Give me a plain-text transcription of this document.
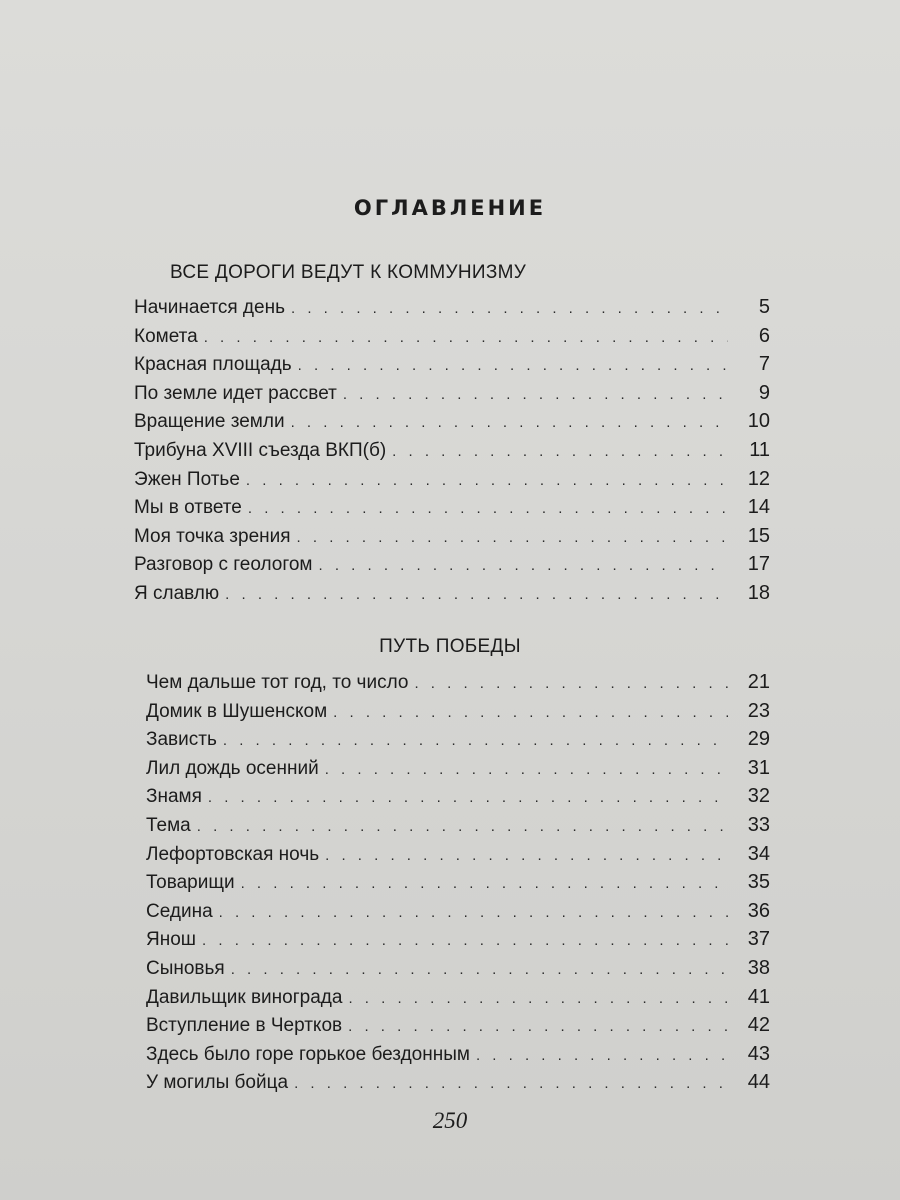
ОГЛАВЛЕНИЕ
ВСЕ ДОРОГИ ВЕДУТ К КОММУНИЗМУ
Начинается день . . .	5
Комета . . .	6
Красная площадь . . .	7
По земле идет рассвет . . .	9
Вращение земли . . .	10
Трибуна XVIII съезда ВКП(б) . . .	11
Эжен Потье . . .	12
Мы в ответе . . .	14
Моя точка зрения . . .	15
Разговор с геологом . . .	17
Я славлю . . .	18
ПУТЬ ПОБЕДЫ
Чем дальше тот год, то число . . .	21
Домик в Шушенском . . .	23
Зависть . . .	29
Лил дождь осенний . . .	31
Знамя . . .	32
Тема . . .	33
Лефортовская ночь . . .	34
Товарищи . . .	35
Седина . . .	36
Янош . . .	37
Сыновья . . .	38
Давильщик винограда . . .	41
Вступление в Чертков . . .	42
Здесь было горе горькое бездонным . . .	43
У могилы бойца . . .	44
250
